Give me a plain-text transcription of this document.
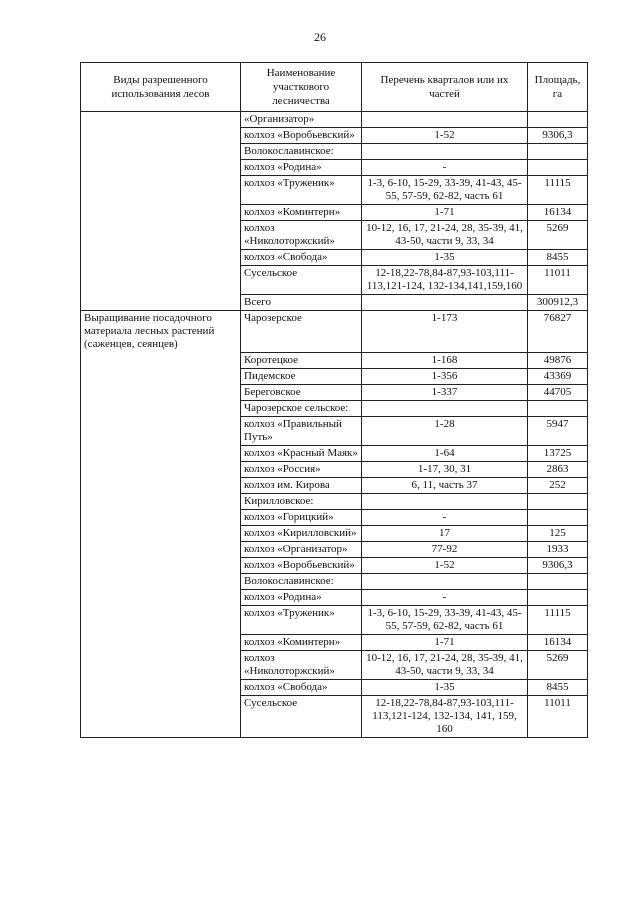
26
Виды разрешенного использования лесов	Наименование участкового лесничества	Перечень кварталов или их частей	Площадь, га
	«Организатор»		
	колхоз «Воробьевский»	1-52	9306,3
	Волокославинское:		
	колхоз «Родина»	-	
	колхоз «Труженик»	1-3, 6-10, 15-29, 33-39, 41-43, 45-55, 57-59, 62-82, часть 61	11115
	колхоз «Коминтерн»	1-71	16134
	колхоз «Николоторжский»	10-12, 16, 17, 21-24, 28, 35-39, 41, 43-50, части 9, 33, 34	5269
	колхоз «Свобода»	1-35	8455
	Сусельское	12-18,22-78,84-87,93-103,111-113,121-124, 132-134,141,159,160	11011
	Всего		300912,3
Выращивание посадочного материала лесных растений (саженцев, сеянцев)	Чарозерское	1-173	76827
	Коротецкое	1-168	49876
	Пидемское	1-356	43369
	Береговское	1-337	44705
	Чарозерское сельское:		
	колхоз «Правильный Путь»	1-28	5947
	колхоз «Красный Маяк»	1-64	13725
	колхоз «Россия»	1-17, 30, 31	2863
	колхоз им. Кирова	6, 11, часть 37	252
	Кирилловское:		
	колхоз «Горицкий»	-	
	колхоз «Кирилловский»	17	125
	колхоз «Организатор»	77-92	1933
	колхоз «Воробьевский»	1-52	9306,3
	Волокославинское:		
	колхоз «Родина»	-	
	колхоз «Труженик»	1-3, 6-10, 15-29, 33-39, 41-43, 45-55, 57-59, 62-82, часть 61	11115
	колхоз «Коминтерн»	1-71	16134
	колхоз «Николоторжский»	10-12, 16, 17, 21-24, 28, 35-39, 41, 43-50, части 9, 33, 34	5269
	колхоз «Свобода»	1-35	8455
	Сусельское	12-18,22-78,84-87,93-103,111-113,121-124, 132-134, 141, 159, 160	11011
